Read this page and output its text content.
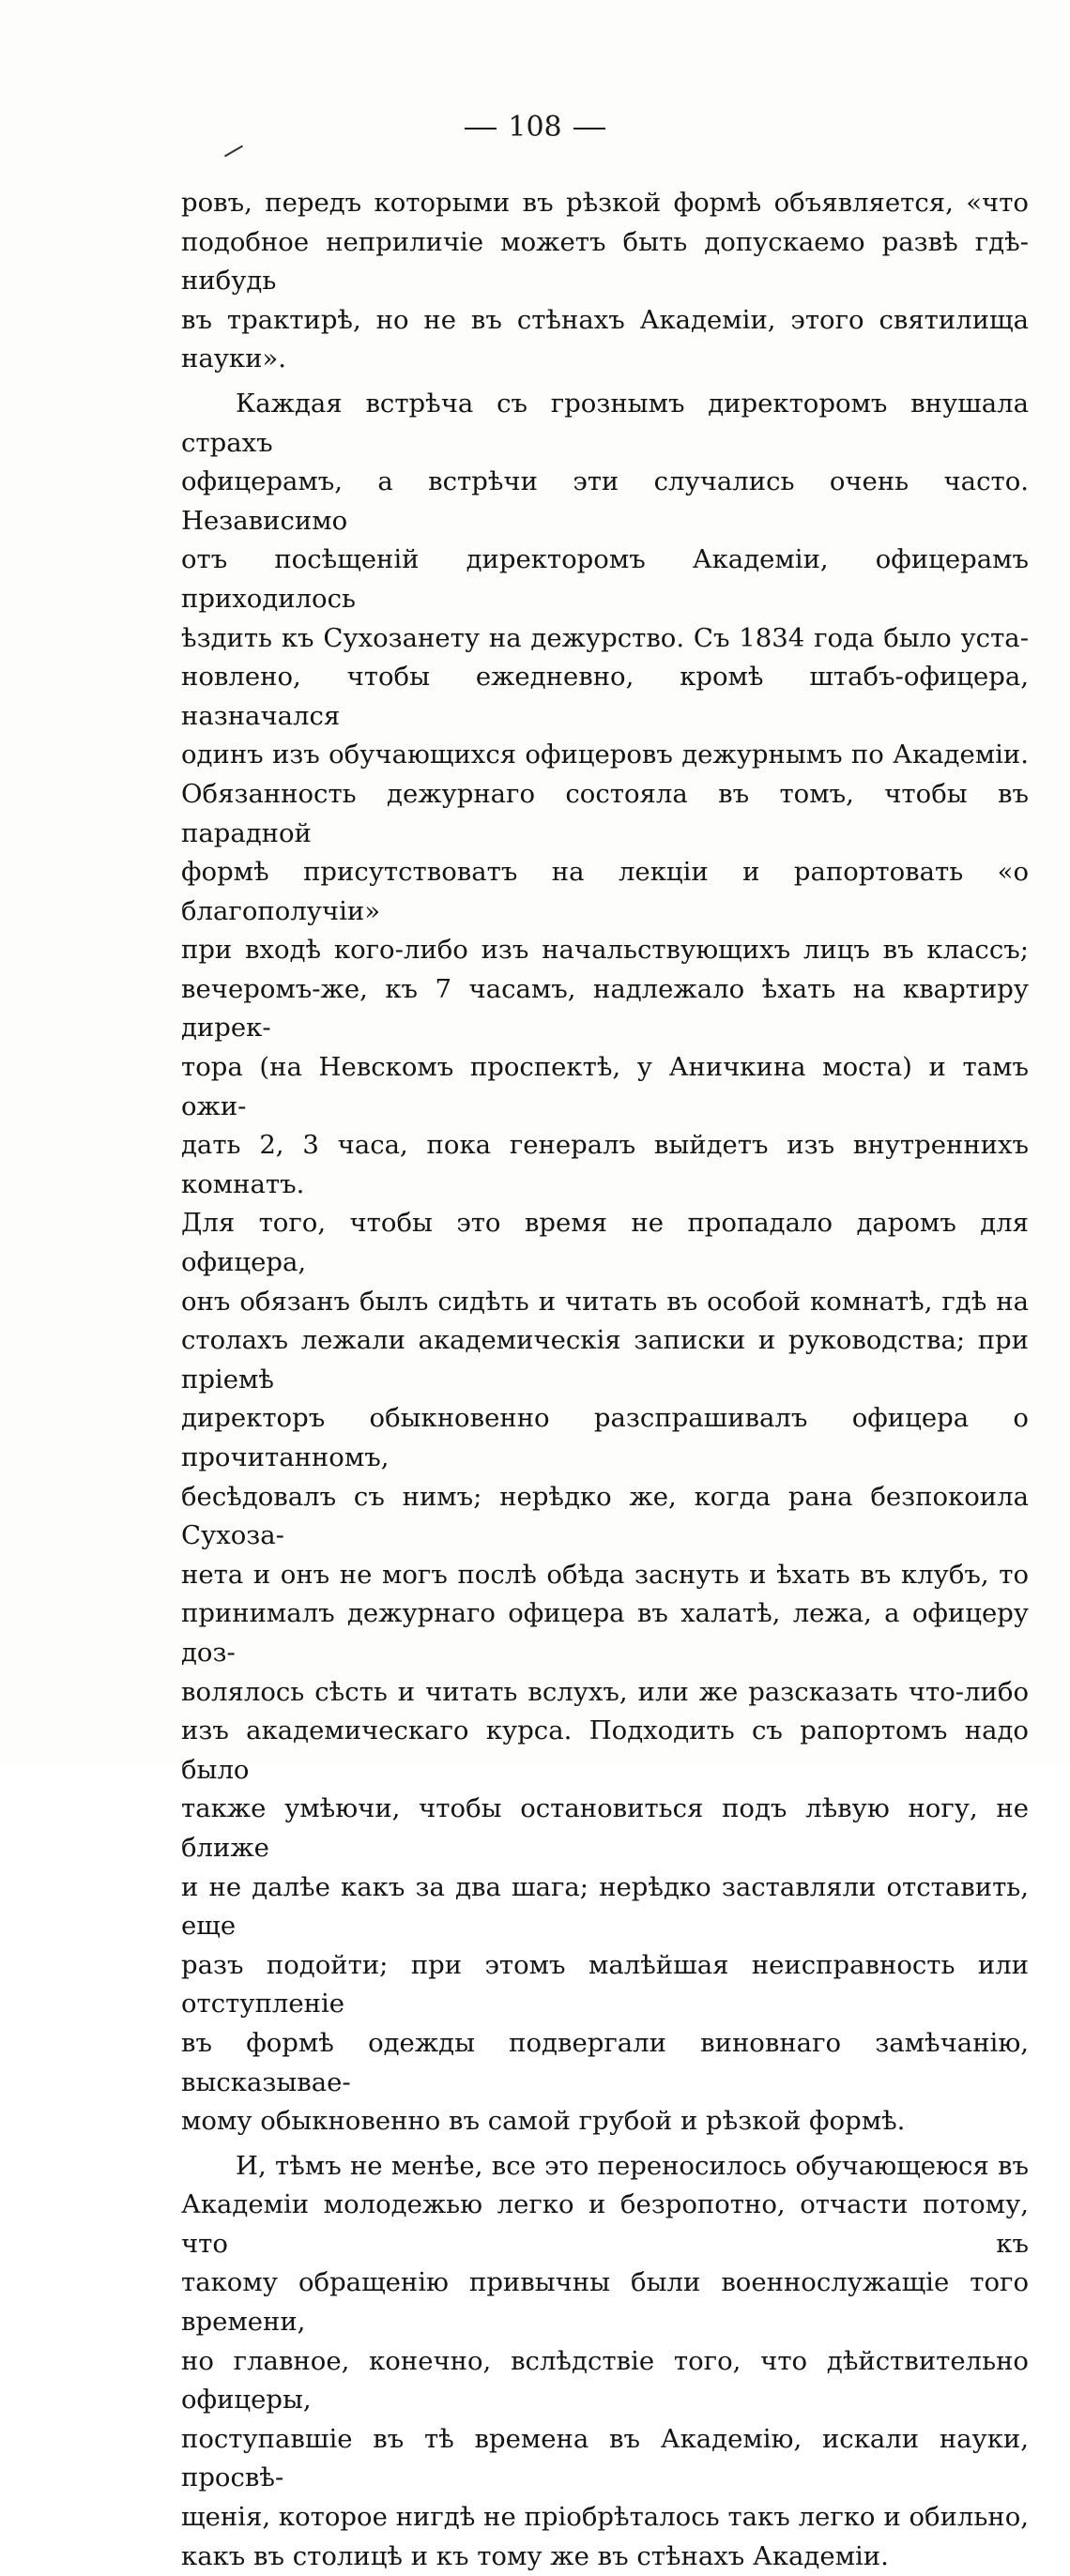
108

ровъ, передъ которыми въ рѣзкой формѣ объявляется, «что

подобное неприличіе можетъ быть допускаемо развѣ гдѣ-нибудь

въ трактирѣ, но не въ стѣнахъ Академіи, этого святилища

науки».

Каждая встрѣча съ грознымъ директоромъ внушала страхъ

офицерамъ, а встрѣчи эти случались очень часто. Независимо

отъ посѣщеній директоромъ Академіи, офицерамъ приходилось

ѣздить къ Сухозанету на дежурство. Съ 1834 года было уста-

новлено, чтобы ежедневно, кромѣ штабъ-офицера, назначался

одинъ изъ обучающихся офицеровъ дежурнымъ по Академіи.

Обязанность дежурнаго состояла въ томъ, чтобы въ парадной

формѣ присутствоватъ на лекціи и рапортовать «о благополучіи»

при входѣ кого-либо изъ начальствующихъ лицъ въ классъ;

вечеромъ-же, къ 7 часамъ, надлежало ѣхать на квартиру дирек-

тора (на Невскомъ проспектѣ, у Аничкина моста) и тамъ ожи-

дать 2, 3 часа, пока генералъ выйдетъ изъ внутреннихъ комнатъ.

Для того, чтобы это время не пропадало даромъ для офицера,

онъ обязанъ былъ сидѣть и читать въ особой комнатѣ, гдѣ на

столахъ лежали академическія записки и руководства; при пріемѣ

директоръ обыкновенно разспрашивалъ офицера о прочитанномъ,

бесѣдовалъ съ нимъ; нерѣдко же, когда рана безпокоила Сухоза-

нета и онъ не могъ послѣ обѣда заснуть и ѣхать въ клубъ, то

принималъ дежурнаго офицера въ халатѣ, лежа, а офицеру доз-

волялось сѣсть и читать вслухъ, или же разсказать что-либо

изъ академическаго курса. Подходить съ рапортомъ надо было

также умѣючи, чтобы остановиться подъ лѣвую ногу, не ближе

и не далѣе какъ за два шага; нерѣдко заставляли отставить, еще

разъ подойти; при этомъ малѣйшая неисправность или отступленіе

въ формѣ одежды подвергали виновнаго замѣчанію, высказывае-

мому обыкновенно въ самой грубой и рѣзкой формѣ.

И, тѣмъ не менѣе, все это переносилось обучающеюся въ

Академіи молодежью легко и безропотно, отчасти потому, что къ

такому обращенію привычны были военнослужащіе того времени,

но главное, конечно, вслѣдствіе того, что дѣйствительно офицеры,

поступавшіе въ тѣ времена въ Академію, искали науки, просвѣ-

щенія, которое нигдѣ не пріобрѣталось такъ легко и обильно,

какъ въ столицѣ и къ тому же въ стѣнахъ Академіи.
